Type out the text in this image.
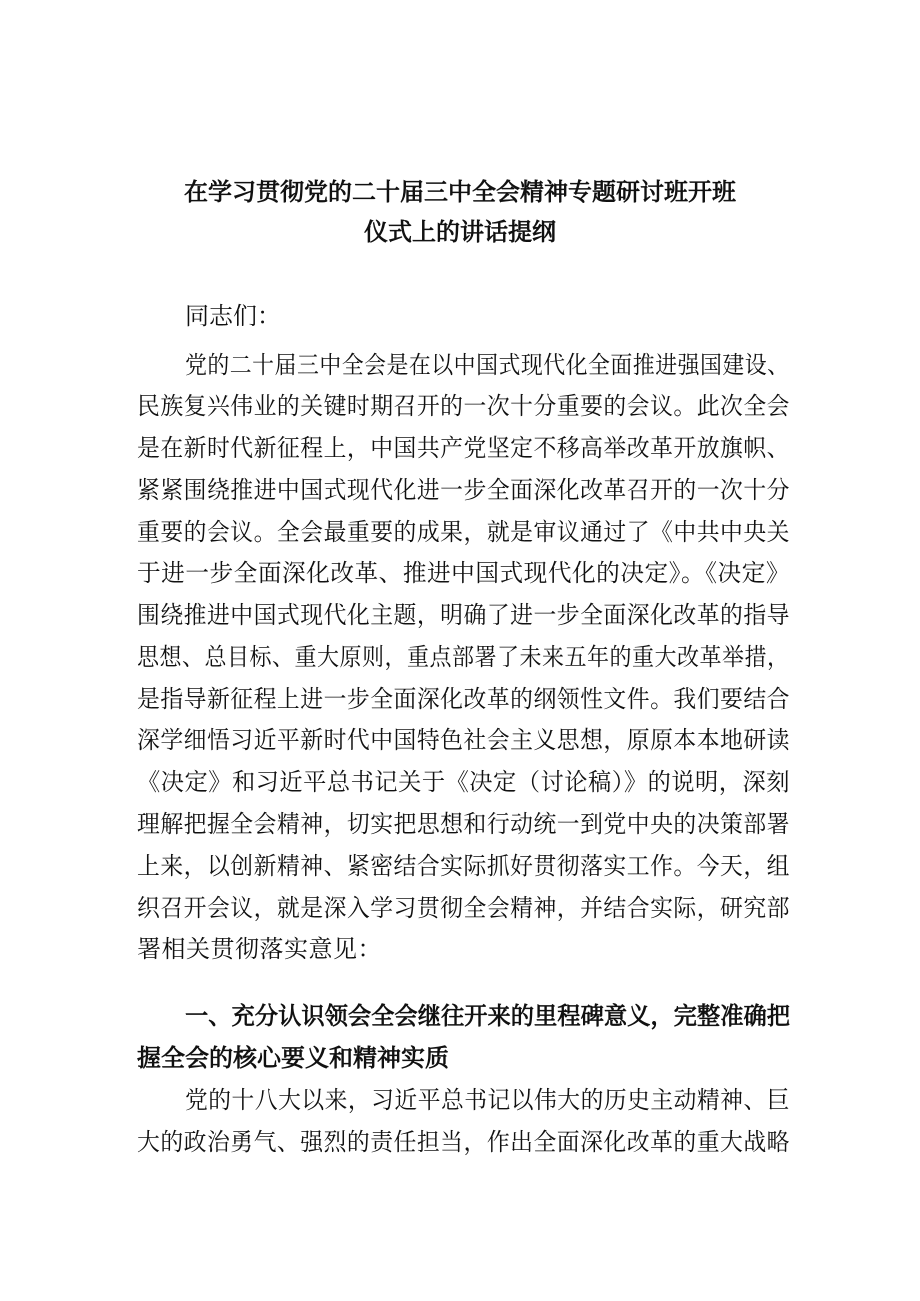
在学习贯彻党的二十届三中全会精神专题研讨班开班
仪式上的讲话提纲
同志们：
党的二十届三中全会是在以中国式现代化全面推进强国建设、
民族复兴伟业的关键时期召开的一次十分重要的会议。此次全会
是在新时代新征程上，中国共产党坚定不移高举改革开放旗帜、
紧紧围绕推进中国式现代化进一步全面深化改革召开的一次十分
重要的会议。全会最重要的成果，就是审议通过了《中共中央关
于进一步全面深化改革、推进中国式现代化的决定》。《决定》
围绕推进中国式现代化主题，明确了进一步全面深化改革的指导
思想、总目标、重大原则，重点部署了未来五年的重大改革举措，
是指导新征程上进一步全面深化改革的纲领性文件。我们要结合
深学细悟习近平新时代中国特色社会主义思想，原原本本地研读
《决定》和习近平总书记关于《决定（讨论稿）》的说明，深刻
理解把握全会精神，切实把思想和行动统一到党中央的决策部署
上来，以创新精神、紧密结合实际抓好贯彻落实工作。今天，组
织召开会议，就是深入学习贯彻全会精神，并结合实际，研究部
署相关贯彻落实意见：
一、充分认识领会全会继往开来的里程碑意义，完整准确把
握全会的核心要义和精神实质
党的十八大以来，习近平总书记以伟大的历史主动精神、巨
大的政治勇气、强烈的责任担当，作出全面深化改革的重大战略
